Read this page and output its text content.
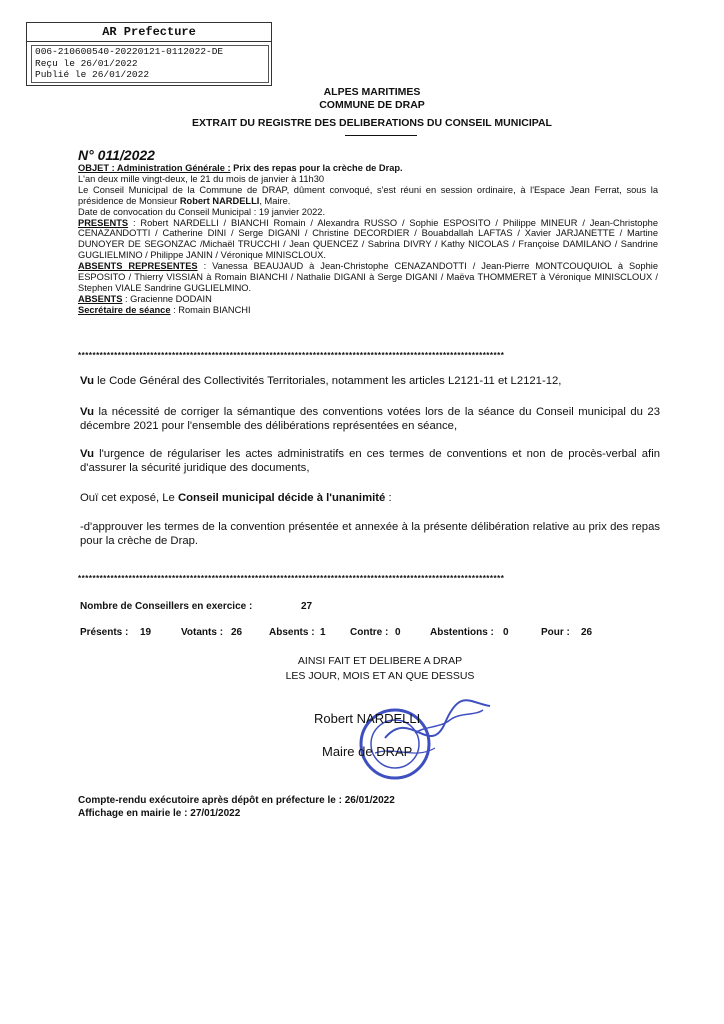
AR Prefecture
006-210600540-20220121-0112022-DE
Reçu le 26/01/2022
Publié le 26/01/2022
ALPES MARITIMES
COMMUNE DE DRAP
EXTRAIT DU REGISTRE DES DELIBERATIONS DU CONSEIL MUNICIPAL
N° 011/2022

OBJET : Administration Générale : Prix des repas pour la crèche de Drap.

L'an deux mille vingt-deux, le 21 du mois de janvier à 11h30

Le Conseil Municipal de la Commune de DRAP, dûment convoqué, s'est réuni en session ordinaire, à l'Espace Jean Ferrat, sous la présidence de Monsieur Robert NARDELLI, Maire.

Date de convocation du Conseil Municipal : 19 janvier 2022.

PRESENTS : Robert NARDELLI / BIANCHI Romain / Alexandra RUSSO / Sophie ESPOSITO / Philippe MINEUR / Jean-Christophe CENAZANDOTTI / Catherine DINI / Serge DIGANI / Christine DECORDIER / Bouabdallah LAFTAS / Xavier JARJANETTE / Martine DUNOYER DE SEGONZAC /Michaël TRUCCHI / Jean QUENCEZ / Sabrina DIVRY / Kathy NICOLAS / Françoise DAMILANO / Sandrine GUGLIELMINO / Philippe JANIN / Véronique MINISCLOUX.

ABSENTS REPRESENTES : Vanessa BEAUJAUD à Jean-Christophe CENAZANDOTTI / Jean-Pierre MONTCOUQUIOL à Sophie ESPOSITO / Thierry VISSIAN à Romain BIANCHI / Nathalie DIGANI à Serge DIGANI / Maëva THOMMERET à Véronique MINISCLOUX / Stephen VIALE Sandrine GUGLIELMINO.

ABSENTS : Gracienne DODAIN

Secrétaire de séance : Romain BIANCHI

**********************************************************************************************************************

Vu le Code Général des Collectivités Territoriales, notamment les articles L2121-11 et L2121-12,

Vu la nécessité de corriger la sémantique des conventions votées lors de la séance du Conseil municipal du 23 décembre 2021 pour l'ensemble des délibérations représentées en séance,

Vu l'urgence de régulariser les actes administratifs en ces termes de conventions et non de procès-verbal afin d'assurer la sécurité juridique des documents,

Ouï cet exposé, Le Conseil municipal décide à l'unanimité :

-d'approuver les termes de la convention présentée et annexée à la présente délibération relative au prix des repas pour la crèche de Drap.

**********************************************************************************************************************
Nombre de Conseillers en exercice :	27
Présents : 19	Votants : 26	Absents : 1 Contre : 0	Abstentions : 0	Pour : 26
AINSI FAIT ET DELIBERE A DRAP
LES JOUR, MOIS ET AN QUE DESSUS
Robert NARDELLI
Maire de DRAP
Compte-rendu exécutoire après dépôt en préfecture le : 26/01/2022
Affichage en mairie le : 27/01/2022
